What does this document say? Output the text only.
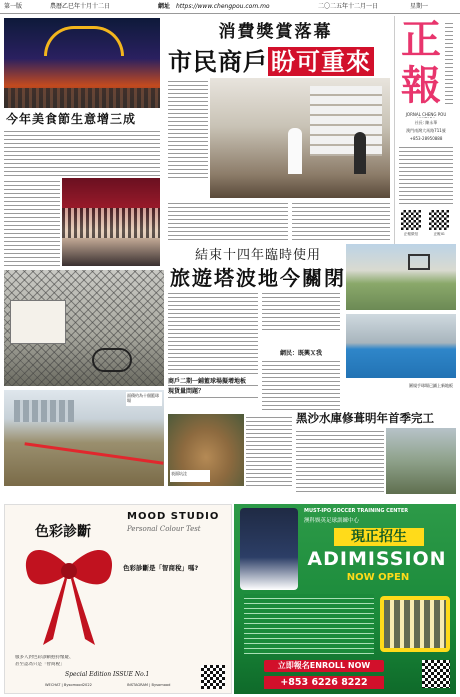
第一版	農曆乙巳年十月十二日	網址 https://www.chengpou.com.mo	二〇二五年十二月一日	星期一
今年美食節生意增三成
消費獎賞落幕
市民商戶 盼可重來 正
報
JORNAL CHENG POU
社長: 陳永華
澳門南灣大馬路711號
+853-28950888
正報微信	正報IG
結束十四年臨時使用
旅遊塔波地今關閉
商戶二期一鋪籃球場擬增地板
現貨量問題？
網民：既興Ｘ我
圓規手球場已鋪上新地板
面積約為十個籃球場
表面坑洼
黑沙水庫修葺明年首季完工
色彩診斷
MOOD STUDIO
Personal Colour Test
色彩診斷是「智商稅」嗎?
服多人對色彩診斷抱持懷疑、
甚至認為只是「智商稅」
Special Edition ISSUE No.1
WECHAT | Bysomood2022	INSTAGRAM | Bysomood
MUST-IPO SOCCER TRAINING CENTER
澳科娛英足球訓練中心
現正招生
ADIMISSION
NOW OPEN
立即報名ENROLL NOW
+853 6226 8222
